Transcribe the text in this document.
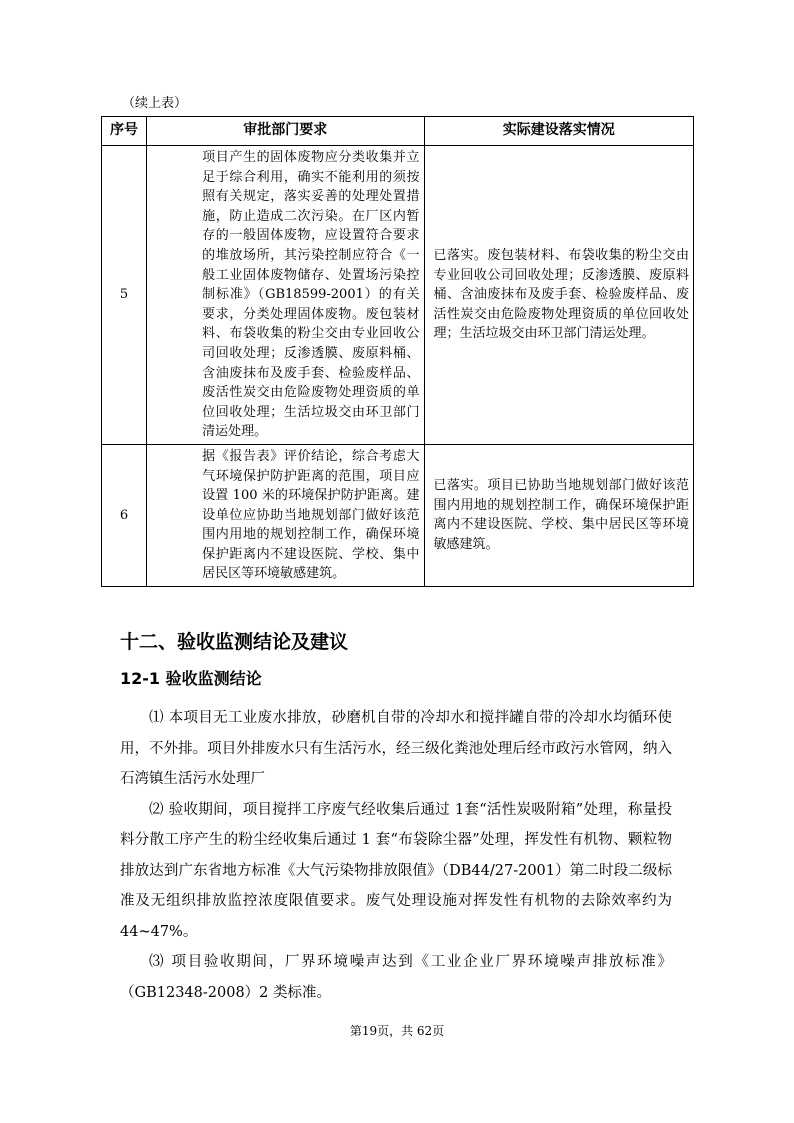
（续上表）
序号	审批部门要求	实际建设落实情况
5	项目产生的固体废物应分类收集并立足于综合利用，确实不能利用的须按照有关规定，落实妥善的处理处置措施，防止造成二次污染。在厂区内暂存的一般固体废物，应设置符合要求的堆放场所，其污染控制应符合《一般工业固体废物储存、处置场污染控制标准》（GB18599-2001）的有关要求，分类处理固体废物。废包装材料、布袋收集的粉尘交由专业回收公司回收处理；反渗透膜、废原料桶、含油废抹布及废手套、检验废样品、废活性炭交由危险废物处理资质的单位回收处理；生活垃圾交由环卫部门清运处理。	已落实。废包装材料、布袋收集的粉尘交由专业回收公司回收处理；反渗透膜、废原料桶、含油废抹布及废手套、检验废样品、废活性炭交由危险废物处理资质的单位回收处理；生活垃圾交由环卫部门清运处理。
6	据《报告表》评价结论，综合考虑大气环境保护防护距离的范围，项目应设置 100 米的环境保护防护距离。建设单位应协助当地规划部门做好该范围内用地的规划控制工作，确保环境保护距离内不建设医院、学校、集中居民区等环境敏感建筑。	已落实。项目已协助当地规划部门做好该范围内用地的规划控制工作，确保环境保护距离内不建设医院、学校、集中居民区等环境敏感建筑。
十二、验收监测结论及建议
12-1 验收监测结论

⑴ 本项目无工业废水排放，砂磨机自带的冷却水和搅拌罐自带的冷却水均循环使用，不外排。项目外排废水只有生活污水，经三级化粪池处理后经市政污水管网，纳入石湾镇生活污水处理厂

⑵ 验收期间，项目搅拌工序废气经收集后通过 1套“活性炭吸附箱”处理，称量投料分散工序产生的粉尘经收集后通过 1 套“布袋除尘器”处理，挥发性有机物、颗粒物排放达到广东省地方标准《大气污染物排放限值》（DB44/27-2001）第二时段二级标准及无组织排放监控浓度限值要求。废气处理设施对挥发性有机物的去除效率约为 44~47%。

⑶ 项目验收期间，厂界环境噪声达到《工业企业厂界环境噪声排放标准》（GB12348-2008）2 类标准。

第19页，共 62页
